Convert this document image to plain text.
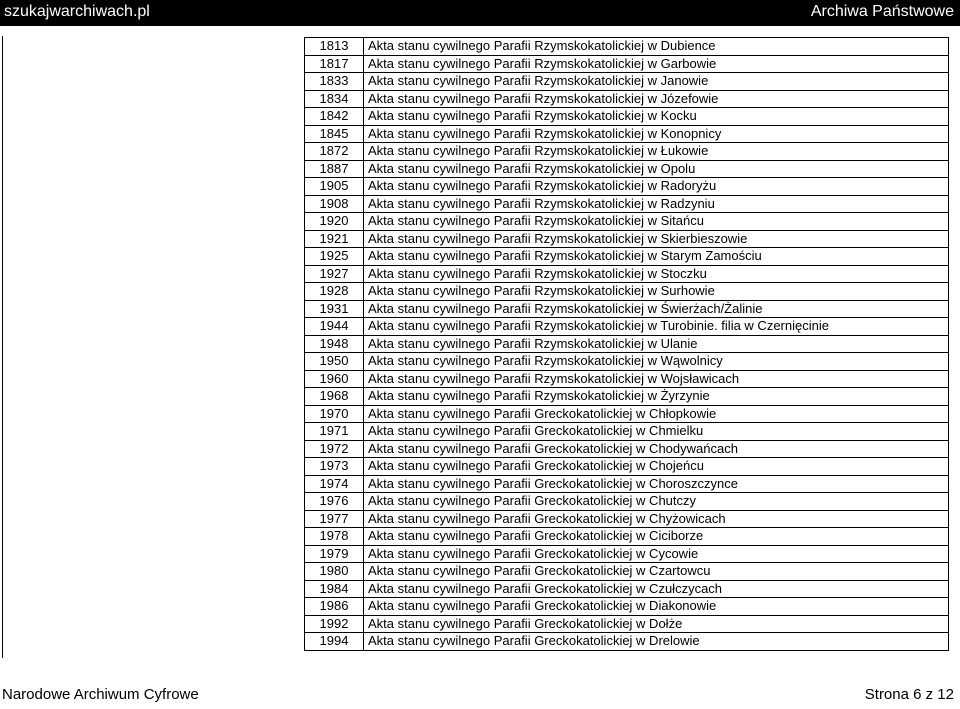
szukajwarchiwach.pl	Archiwa Państwowe
1813	Akta stanu cywilnego Parafii Rzymskokatolickiej w Dubience
1817	Akta stanu cywilnego Parafii Rzymskokatolickiej w Garbowie
1833	Akta stanu cywilnego Parafii Rzymskokatolickiej w Janowie
1834	Akta stanu cywilnego Parafii Rzymskokatolickiej w Józefowie
1842	Akta stanu cywilnego Parafii Rzymskokatolickiej w Kocku
1845	Akta stanu cywilnego Parafii Rzymskokatolickiej w Konopnicy
1872	Akta stanu cywilnego Parafii Rzymskokatolickiej w Łukowie
1887	Akta stanu cywilnego Parafii Rzymskokatolickiej w Opolu
1905	Akta stanu cywilnego Parafii Rzymskokatolickiej w Radoryżu
1908	Akta stanu cywilnego Parafii Rzymskokatolickiej w Radzyniu
1920	Akta stanu cywilnego Parafii Rzymskokatolickiej w Sitańcu
1921	Akta stanu cywilnego Parafii Rzymskokatolickiej w Skierbieszowie
1925	Akta stanu cywilnego Parafii Rzymskokatolickiej w Starym Zamościu
1927	Akta stanu cywilnego Parafii Rzymskokatolickiej w Stoczku
1928	Akta stanu cywilnego Parafii Rzymskokatolickiej w Surhowie
1931	Akta stanu cywilnego Parafii Rzymskokatolickiej w Świerżach/Żalinie
1944	Akta stanu cywilnego Parafii Rzymskokatolickiej w Turobinie. filia w Czernięcinie
1948	Akta stanu cywilnego Parafii Rzymskokatolickiej w Ulanie
1950	Akta stanu cywilnego Parafii Rzymskokatolickiej w Wąwolnicy
1960	Akta stanu cywilnego Parafii Rzymskokatolickiej w Wojsławicach
1968	Akta stanu cywilnego Parafii Rzymskokatolickiej w Żyrzynie
1970	Akta stanu cywilnego Parafii Greckokatolickiej w Chłopkowie
1971	Akta stanu cywilnego Parafii Greckokatolickiej w Chmielku
1972	Akta stanu cywilnego Parafii Greckokatolickiej w Chodywańcach
1973	Akta stanu cywilnego Parafii Greckokatolickiej w Chojeńcu
1974	Akta stanu cywilnego Parafii Greckokatolickiej w Choroszczynce
1976	Akta stanu cywilnego Parafii Greckokatolickiej w Chutczy
1977	Akta stanu cywilnego Parafii Greckokatolickiej w Chyżowicach
1978	Akta stanu cywilnego Parafii Greckokatolickiej w Ciciborze
1979	Akta stanu cywilnego Parafii Greckokatolickiej w Cycowie
1980	Akta stanu cywilnego Parafii Greckokatolickiej w Czartowcu
1984	Akta stanu cywilnego Parafii Greckokatolickiej w Czułczycach
1986	Akta stanu cywilnego Parafii Greckokatolickiej w Diakonowie
1992	Akta stanu cywilnego Parafii Greckokatolickiej w Dołże
1994	Akta stanu cywilnego Parafii Greckokatolickiej w Drelowie
Narodowe Archiwum Cyfrowe	Strona 6 z 12
